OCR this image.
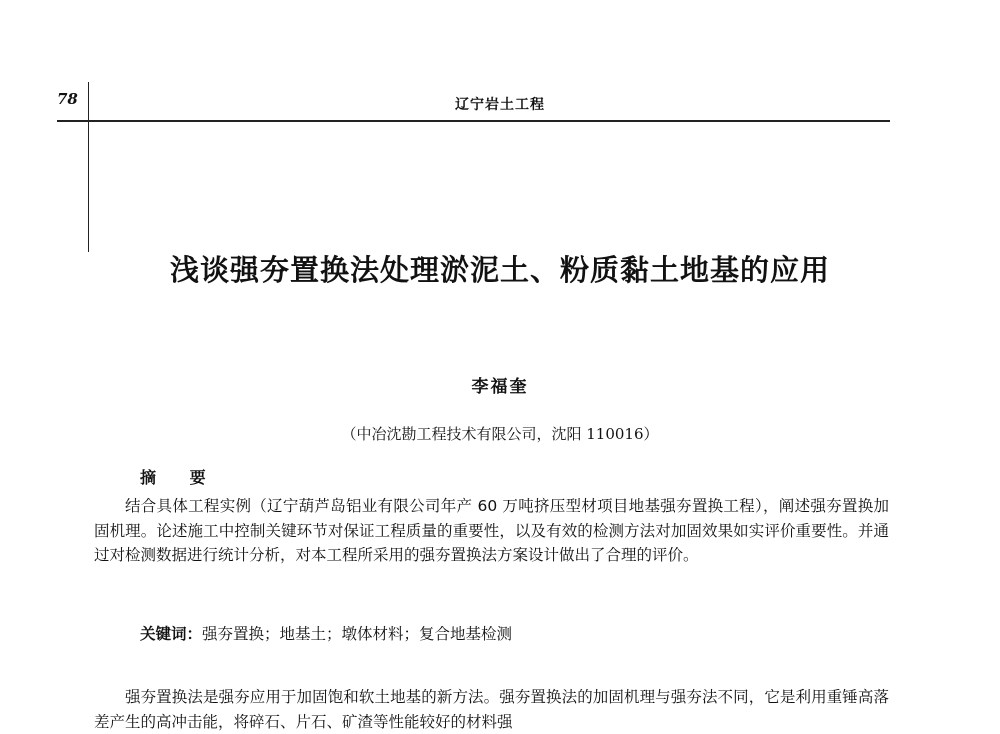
78	辽宁岩土工程
浅谈强夯置换法处理淤泥土、粉质黏土地基的应用
李福奎
（中冶沈勘工程技术有限公司，沈阳 110016）
摘 要
结合具体工程实例（辽宁葫芦岛铝业有限公司年产 60 万吨挤压型材项目地基强夯置换工程），阐述强夯置换加固机理。论述施工中控制关键环节对保证工程质量的重要性，以及有效的检测方法对加固效果如实评价重要性。并通过对检测数据进行统计分析，对本工程所采用的强夯置换法方案设计做出了合理的评价。
关键词：强夯置换；地基土；墩体材料；复合地基检测
强夯置换法是强夯应用于加固饱和软土地基的新方法。强夯置换法的加固机理与强夯法不同，它是利用重锤高落差产生的高冲击能，将碎石、片石、矿渣等性能较好的材料强
